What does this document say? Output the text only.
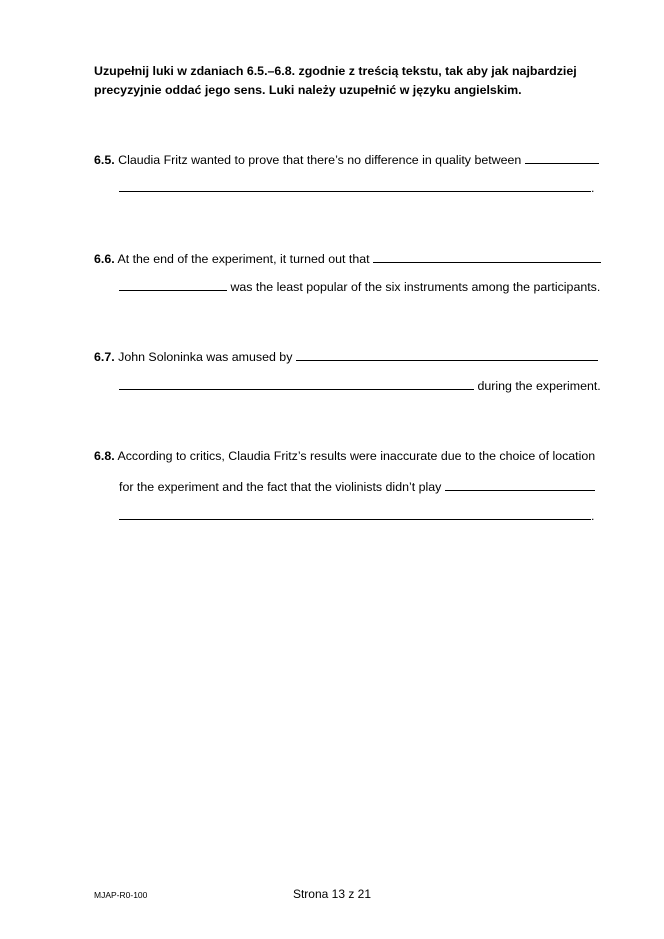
Uzupełnij luki w zdaniach 6.5.–6.8. zgodnie z treścią tekstu, tak aby jak najbardziej precyzyjnie oddać jego sens. Luki należy uzupełnić w języku angielskim.
6.5. Claudia Fritz wanted to prove that there’s no difference in quality between
.
6.6. At the end of the experiment, it turned out that
was the least popular of the six instruments among the participants.
6.7. John Soloninka was amused by
during the experiment.
6.8. According to critics, Claudia Fritz’s results were inaccurate due to the choice of location
for the experiment and the fact that the violinists didn’t play
.
MJAP-R0-100	Strona 13 z 21
